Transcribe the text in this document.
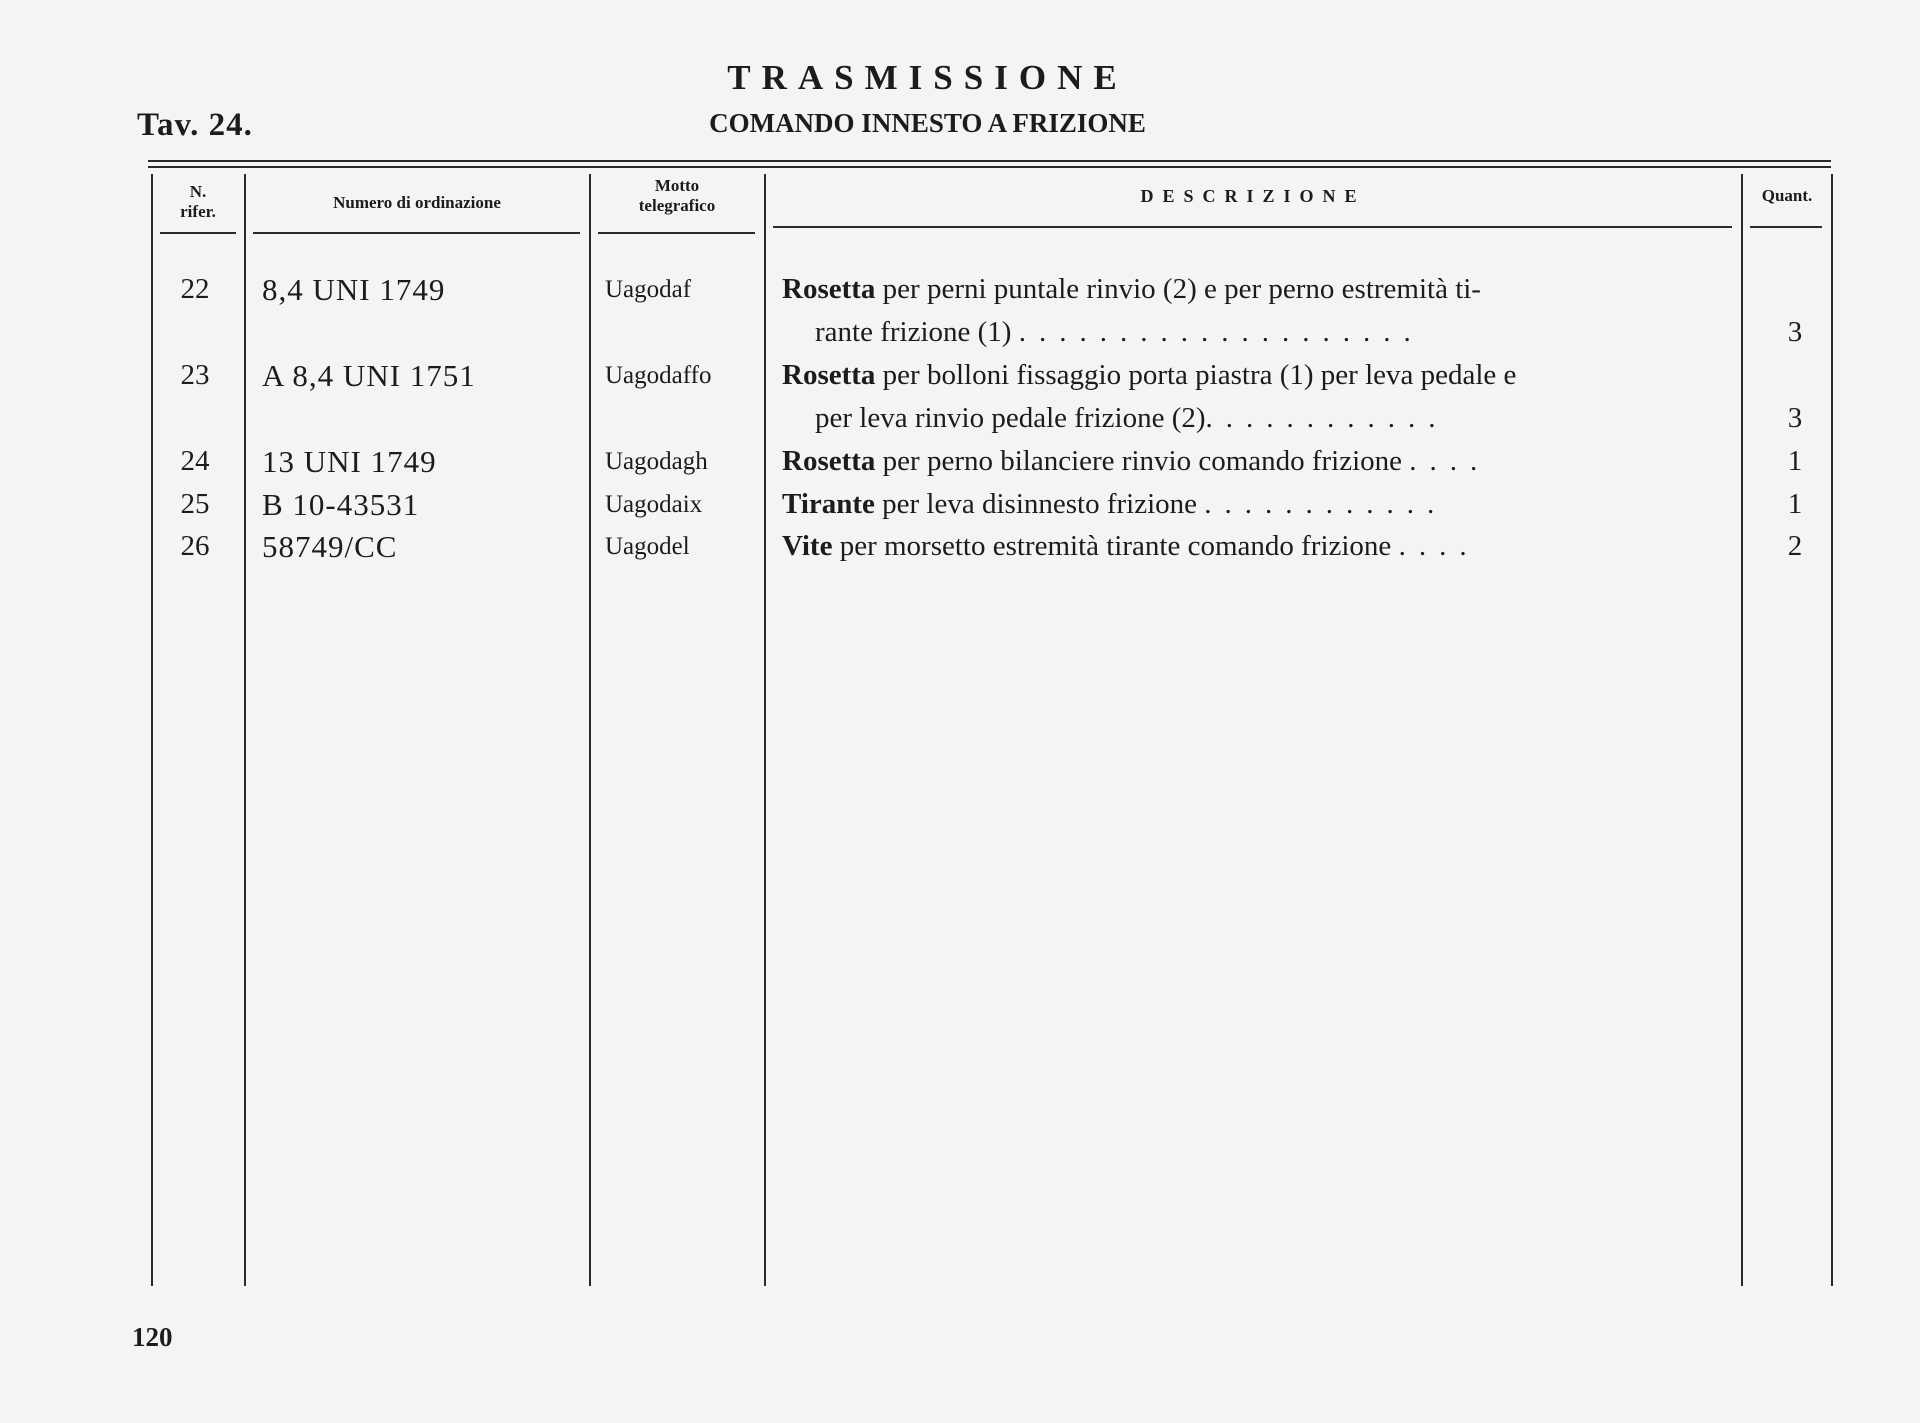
Tav. 24.
TRASMISSIONE
COMANDO INNESTO A FRIZIONE
N.
rifer.	Numero di ordinazione
Motto
telegrafico	DESCRIZIONE	Quant.
22	8,4 UNI 1749	Uagodaf	Rosetta per perni puntale rinvio (2) e per perno estremità ti-
rante frizione (1) ....................	3
23	A 8,4 UNI 1751	Uagodaffo Rosetta per bolloni fissaggio porta piastra (1) per leva pedale e
per leva rinvio pedale frizione (2)............	3
24	13 UNI 1749	Uagodagh	Rosetta per perno bilanciere rinvio comando frizione ....	1
25	B 10-43531	Uagodaix	Tirante per leva disinnesto frizione ............	1
26	58749/CC	Uagodel	Vite per morsetto estremità tirante comando frizione ....	2
120
